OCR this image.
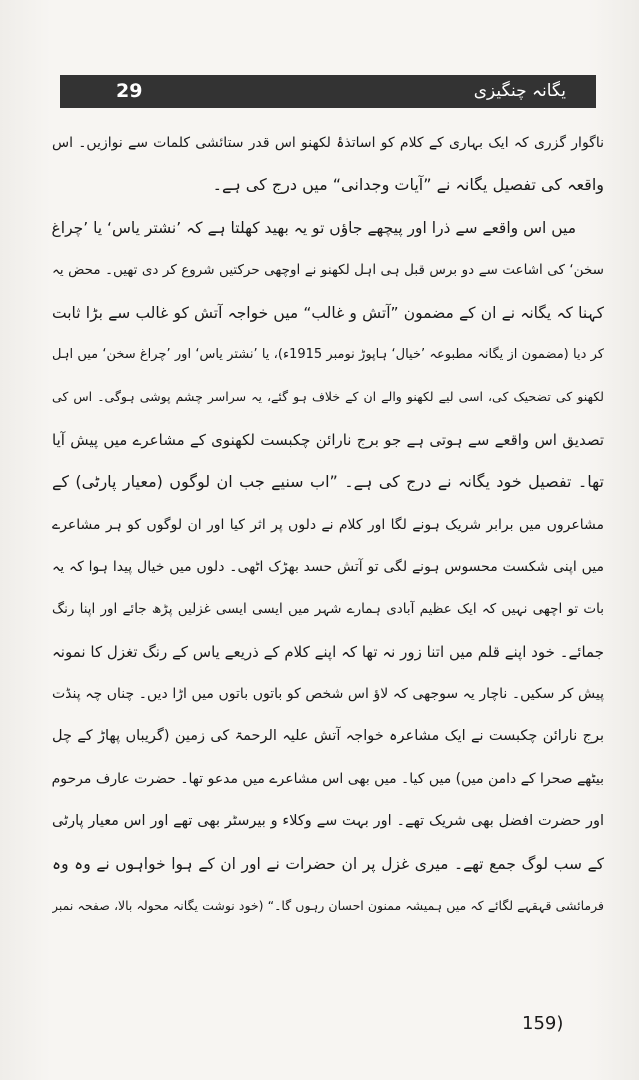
29	یگانہ چنگیزی
ناگوار گزری کہ ایک بہاری کے کلام کو اساتذۂ لکھنو اس قدر ستائشی کلمات سے نوازیں۔ اس
واقعہ کی تفصیل یگانہ نے ”آیات وجدانی“ میں درج کی ہے۔
میں اس واقعے سے ذرا اور پیچھے جاؤں تو یہ بھید کھلتا ہے کہ ’نشتر یاس‘ یا ’چراغ
سخن‘ کی اشاعت سے دو برس قبل ہی اہل لکھنو نے اوچھی حرکتیں شروع کر دی تھیں۔ محض یہ
کہنا کہ یگانہ نے ان کے مضمون ”آتش و غالب“ میں خواجہ آتش کو غالب سے بڑا ثابت
کر دیا (مضمون از یگانہ مطبوعہ ’خیال‘ ہاپوڑ نومبر 1915ء)، یا ’نشتر یاس‘ اور ’چراغ سخن‘ میں اہل
لکھنو کی تضحیک کی، اسی لیے لکھنو والے ان کے خلاف ہو گئے، یہ سراسر چشم پوشی ہوگی۔ اس کی
تصدیق اس واقعے سے ہوتی ہے جو برج نارائن چکبست لکھنوی کے مشاعرے میں پیش آیا
تھا۔ تفصیل خود یگانہ نے درج کی ہے۔ ”اب سنیے جب ان لوگوں (معیار پارٹی) کے
مشاعروں میں برابر شریک ہونے لگا اور کلام نے دلوں پر اثر کیا اور ان لوگوں کو ہر مشاعرے
میں اپنی شکست محسوس ہونے لگی تو آتش حسد بھڑک اٹھی۔ دلوں میں خیال پیدا ہوا کہ یہ
بات تو اچھی نہیں کہ ایک عظیم آبادی ہمارے شہر میں ایسی ایسی غزلیں پڑھ جائے اور اپنا رنگ
جمائے۔ خود اپنے قلم میں اتنا زور نہ تھا کہ اپنے کلام کے ذریعے یاس کے رنگ تغزل کا نمونہ
پیش کر سکیں۔ ناچار یہ سوجھی کہ لاؤ اس شخص کو باتوں باتوں میں اڑا دیں۔ چناں چہ پنڈت
برج نارائن چکبست نے ایک مشاعرہ خواجہ آتش علیہ الرحمۃ کی زمین (گریباں پھاڑ کے چل
بیٹھے صحرا کے دامن میں) میں کیا۔ میں بھی اس مشاعرے میں مدعو تھا۔ حضرت عارف مرحوم
اور حضرت افضل بھی شریک تھے۔ اور بہت سے وکلاء و بیرسٹر بھی تھے اور اس معیار پارٹی
کے سب لوگ جمع تھے۔ میری غزل پر ان حضرات نے اور ان کے ہوا خواہوں نے وہ وہ
فرمائشی قہقہے لگائے کہ میں ہمیشہ ممنون احسان رہوں گا۔“ (خود نوشت یگانہ محولہ بالا، صفحہ نمبر
(159
